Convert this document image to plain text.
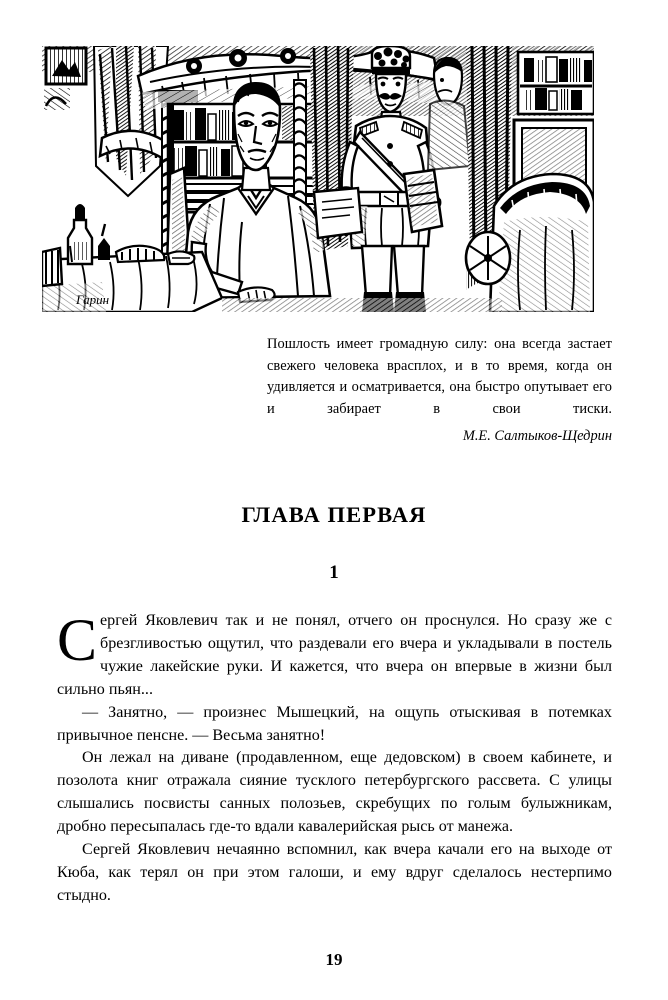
Гарин

Пошлость имеет громадную силу: она всегда застает свежего человека врасплох, и в то время, когда он удивляется и осматривается, она быстро опутывает его и забирает в свои тиски.

М.Е. Салтыков-Щедрин

ГЛАВА ПЕРВАЯ
1

Сергей Яковлевич так и не понял, отчего он проснулся. Но сразу же с брезгливостью ощутил, что раздевали его вчера и укладывали в постель чужие лакейские руки. И кажется, что вчера он впервые в жизни был сильно пьян...

— Занятно, — произнес Мышецкий, на ощупь отыскивая в потемках привычное пенсне. — Весьма занятно!

Он лежал на диване (продавленном, еще дедовском) в своем кабинете, и позолота книг отражала сияние тусклого петербургского рассвета. С улицы слышались посвисты санных полозьев, скребущих по голым булыжникам, дробно пересыпалась где-то вдали кавалерийская рысь от манежа.

Сергей Яковлевич нечаянно вспомнил, как вчера качали его на выходе от Кюба, как терял он при этом галоши, и ему вдруг сделалось нестерпимо стыдно.

19
